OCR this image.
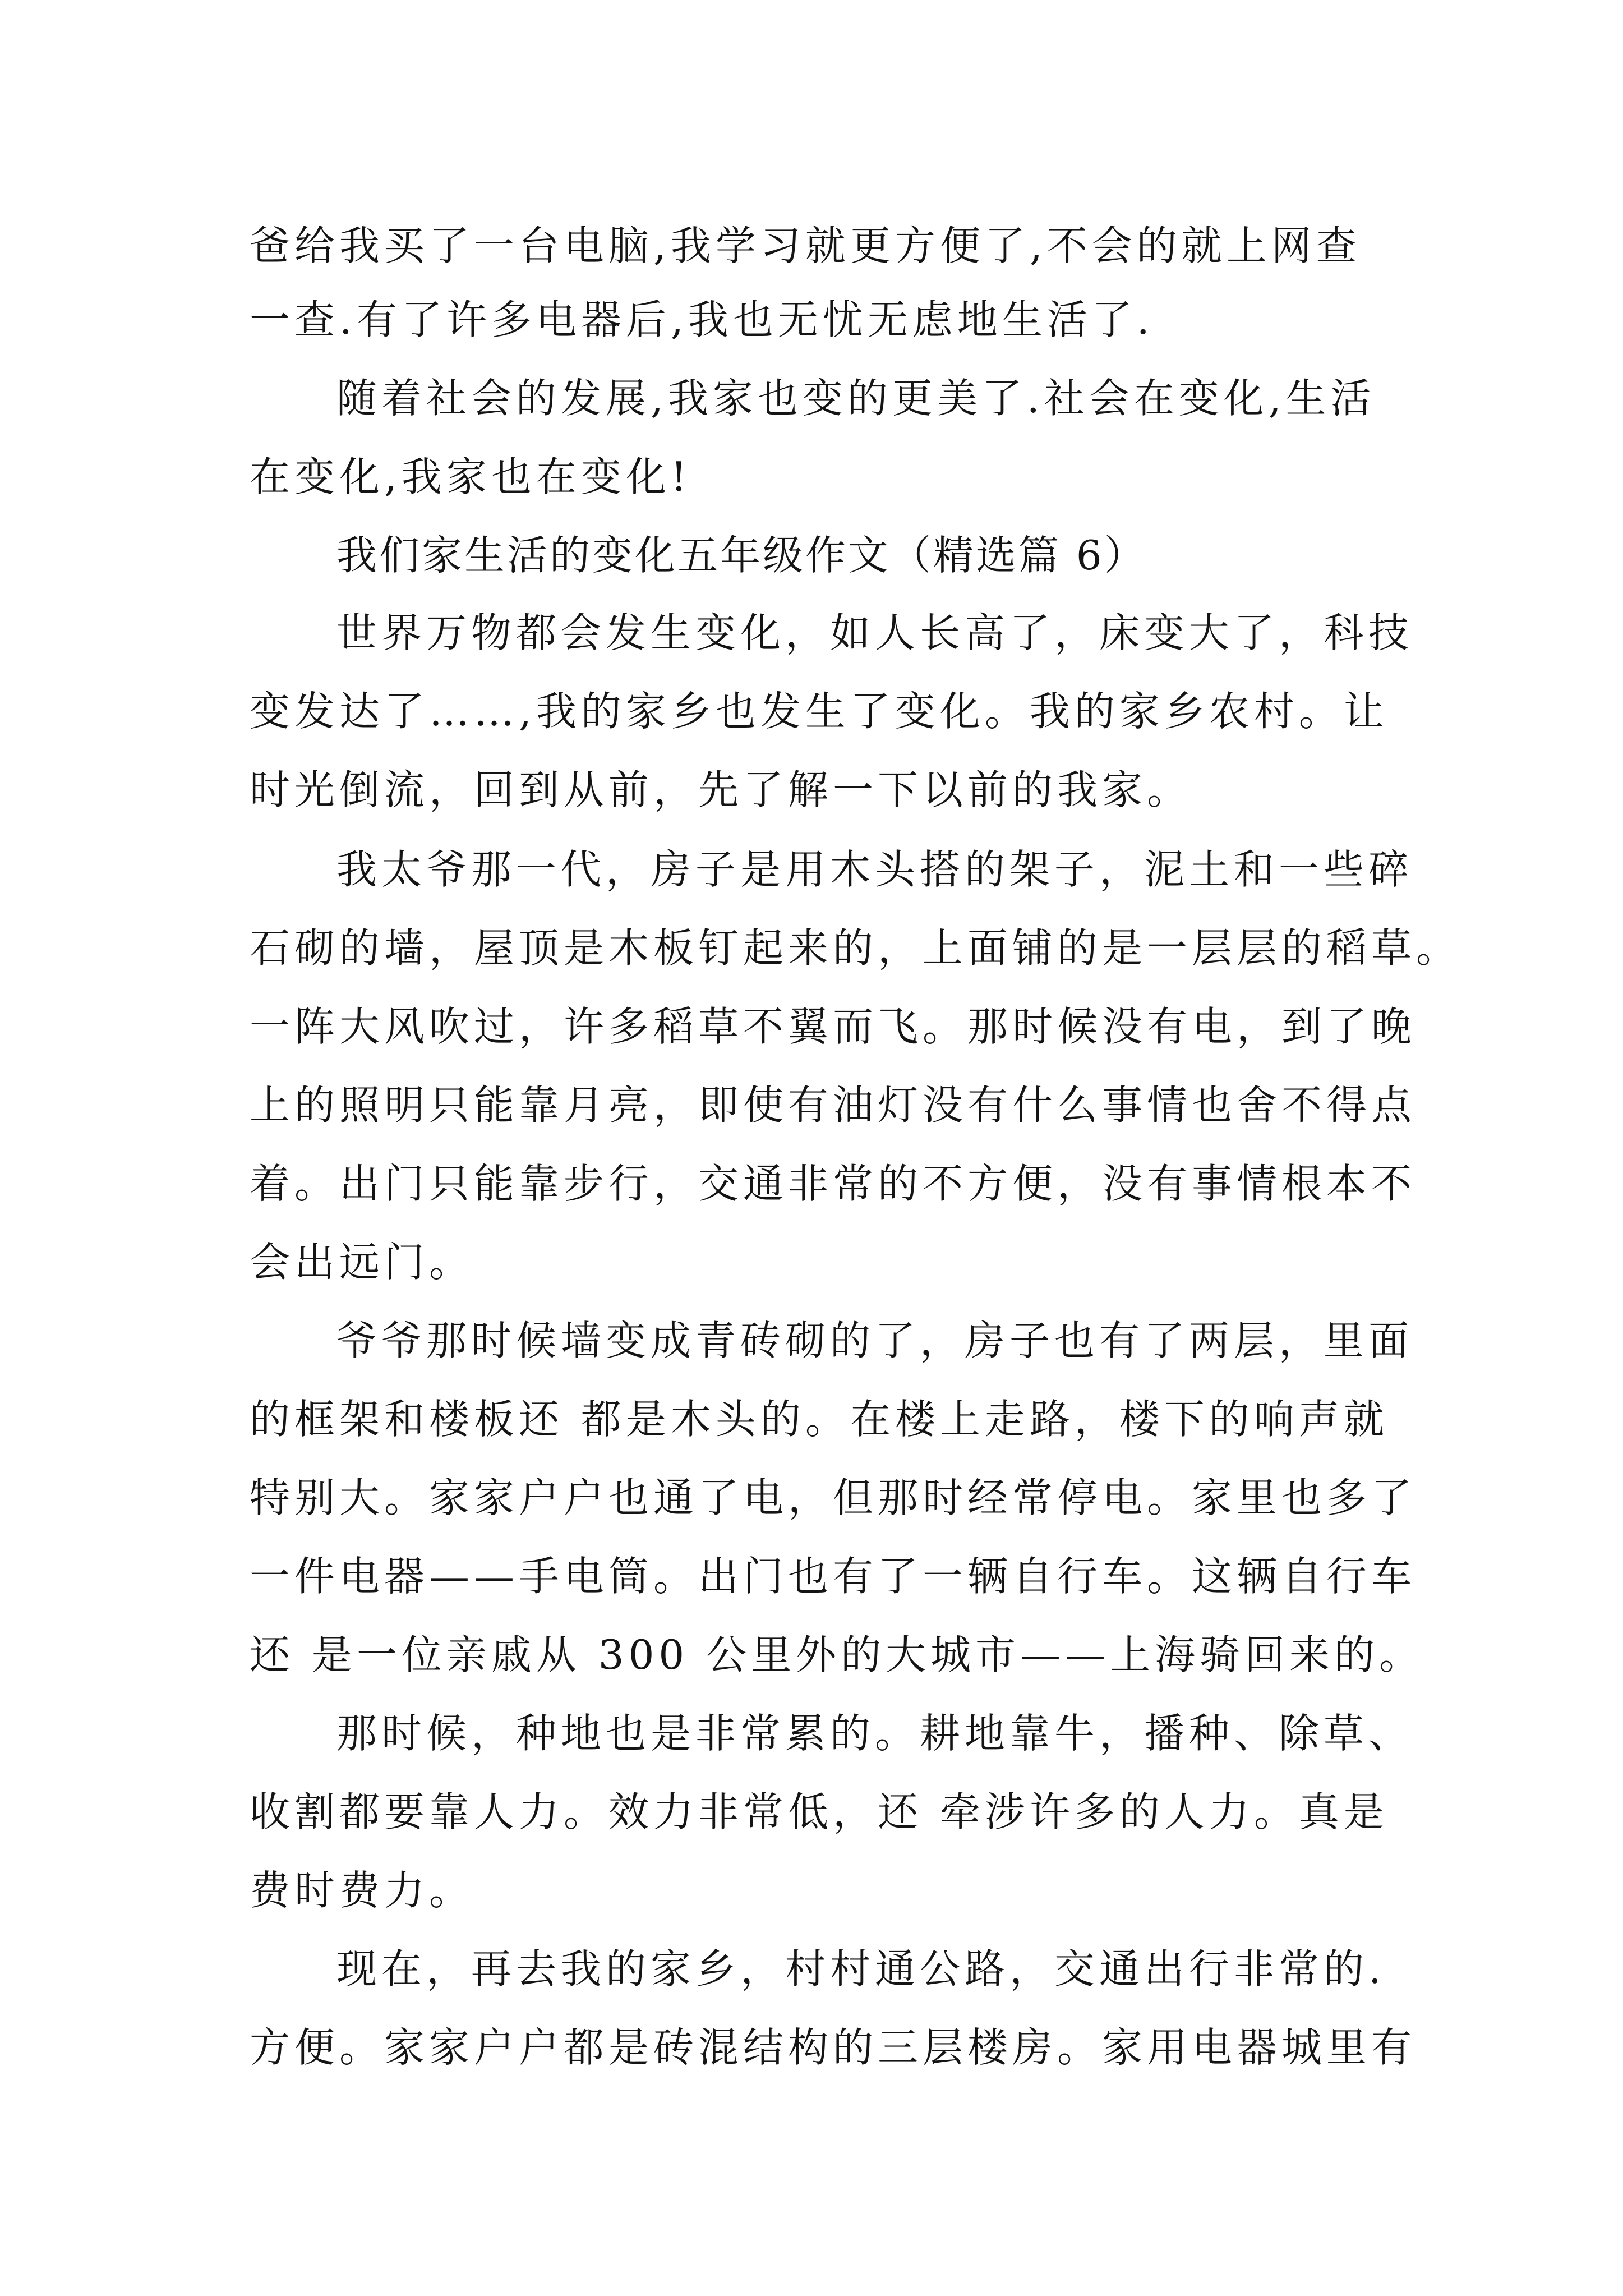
爸给我买了一台电脑,我学习就更方便了,不会的就上网查

一查.有了许多电器后,我也无忧无虑地生活了.

随着社会的发展,我家也变的更美了.社会在变化,生活

在变化,我家也在变化!

我们家生活的变化五年级作文（精选篇 6）

世界万物都会发生变化，如人长高了，床变大了，科技

变发达了……,我的家乡也发生了变化。我的家乡农村。让

时光倒流，回到从前，先了解一下以前的我家。

我太爷那一代，房子是用木头搭的架子，泥土和一些碎

石砌的墙，屋顶是木板钉起来的，上面铺的是一层层的稻草。

一阵大风吹过，许多稻草不翼而飞。那时候没有电，到了晚

上的照明只能靠月亮，即使有油灯没有什么事情也舍不得点

着。出门只能靠步行，交通非常的不方便，没有事情根本不

会出远门。

爷爷那时候墙变成青砖砌的了，房子也有了两层，里面

的框架和楼板还 都是木头的。在楼上走路，楼下的响声就

特别大。家家户户也通了电，但那时经常停电。家里也多了

一件电器——手电筒。出门也有了一辆自行车。这辆自行车

还 是一位亲戚从 300 公里外的大城市——上海骑回来的。

那时候，种地也是非常累的。耕地靠牛，播种、除草、

收割都要靠人力。效力非常低，还 牵涉许多的人力。真是

费时费力。

现在，再去我的家乡，村村通公路，交通出行非常的.

方便。家家户户都是砖混结构的三层楼房。家用电器城里有
